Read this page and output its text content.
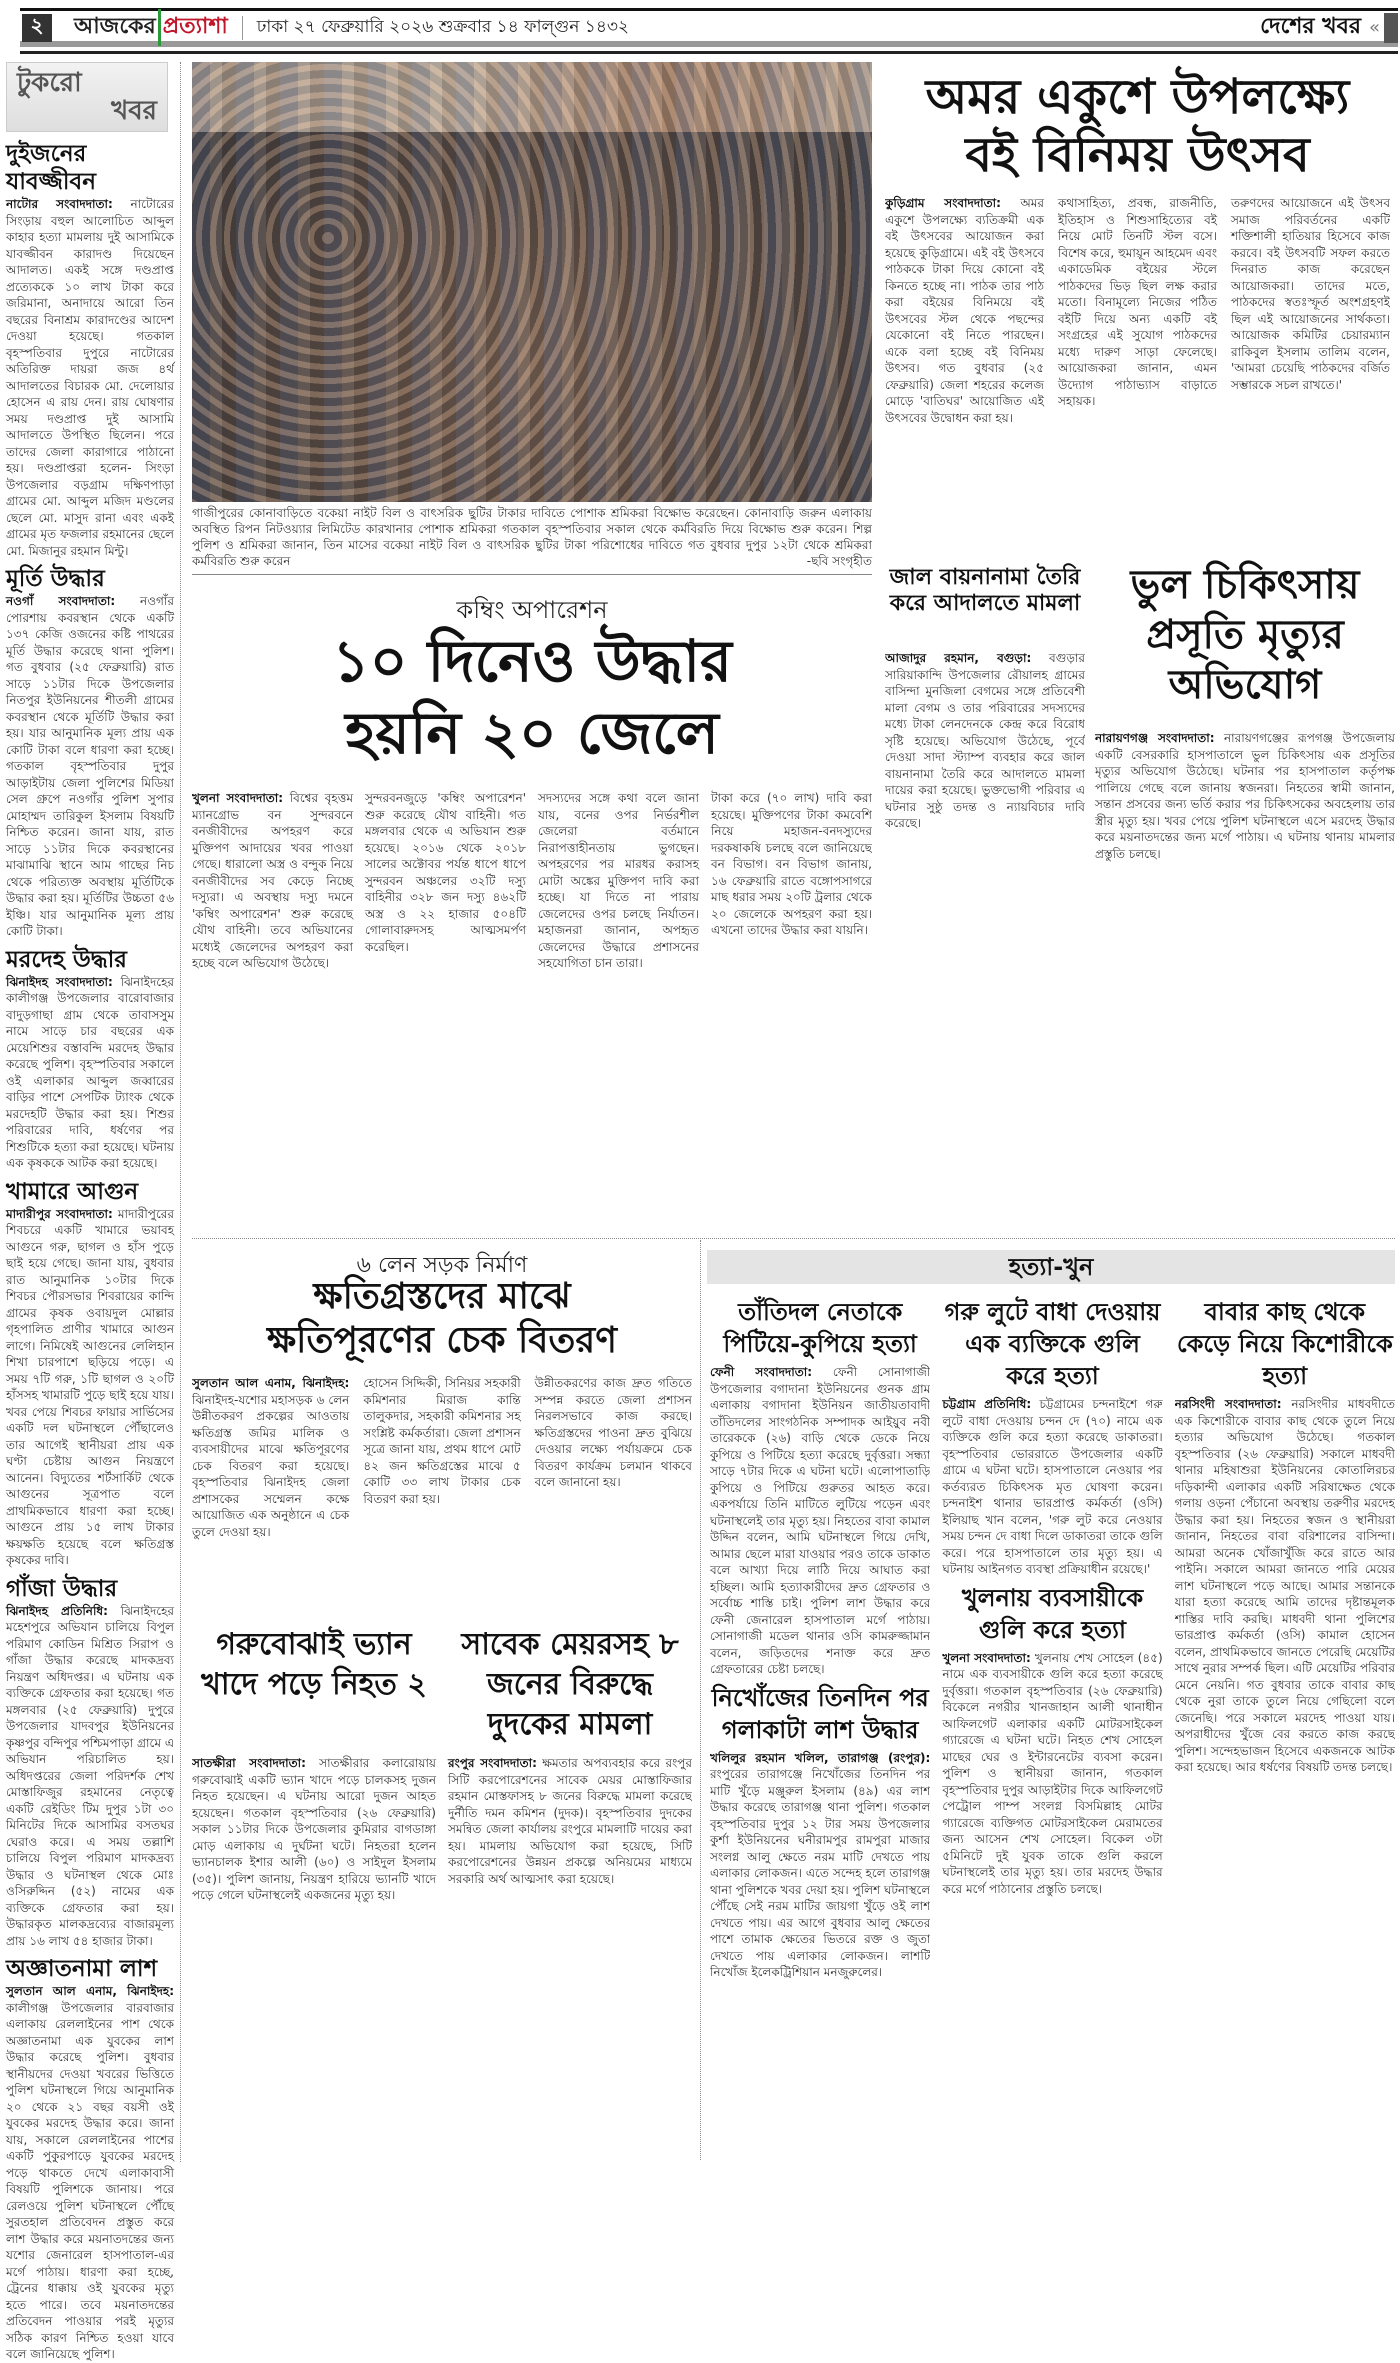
২	আজকের প্রত্যাশা ঢাকা ২৭ ফেব্রুয়ারি ২০২৬ শুক্রবার ১৪ ফাল্গুন ১৪৩২	দেশের খবর «
টুকরো
খবর
দুইজনের যাবজ্জীবন

নাটোর সংবাদদাতা: নাটোরের সিংড়ায় বহুল আলোচিত আব্দুল কাহার হত্যা মামলায় দুই আসামিকে যাবজ্জীবন কারাদণ্ড দিয়েছেন আদালত। একই সঙ্গে দণ্ডপ্রাপ্ত প্রত্যেককে ১০ লাখ টাকা করে জরিমানা, অনাদায়ে আরো তিন বছরের বিনাশ্রম কারাদণ্ডের আদেশ দেওয়া হয়েছে। গতকাল বৃহস্পতিবার দুপুরে নাটোরের অতিরিক্ত দায়রা জজ ৪র্থ আদালতের বিচারক মো. দেলোয়ার হোসেন এ রায় দেন। রায় ঘোষণার সময় দণ্ডপ্রাপ্ত দুই আসামি আদালতে উপস্থিত ছিলেন। পরে তাদের জেলা কারাগারে পাঠানো হয়। দণ্ডপ্রাপ্তরা হলেন- সিংড়া উপজেলার বড়গ্রাম দক্ষিণপাড়া গ্রামের মো. আব্দুল মজিদ মণ্ডলের ছেলে মো. মাসুদ রানা এবং একই গ্রামের মৃত ফজলার রহমানের ছেলে মো. মিজানুর রহমান মিন্টু।

মূর্তি উদ্ধার

নওগাঁ সংবাদদাতা: নওগাঁর পোরশায় কবরস্থান থেকে একটি ১৩৭ কেজি ওজনের কষ্টি পাথরের মূর্তি উদ্ধার করেছে থানা পুলিশ। গত বুধবার (২৫ ফেব্রুয়ারি) রাত সাড়ে ১১টার দিকে উপজেলার নিতপুর ইউনিয়নের শীতলী গ্রামের কবরস্থান থেকে মূর্তিটি উদ্ধার করা হয়। যার আনুমানিক মূল্য প্রায় এক কোটি টাকা বলে ধারণা করা হচ্ছে। গতকাল বৃহস্পতিবার দুপুর আড়াইটায় জেলা পুলিশের মিডিয়া সেল গ্রুপে নওগাঁর পুলিশ সুপার মোহাম্মদ তারিকুল ইসলাম বিষয়টি নিশ্চিত করেন। জানা যায়, রাত সাড়ে ১১টার দিকে কবরস্থানের মাঝামাঝি স্থানে আম গাছের নিচ থেকে পরিত্যক্ত অবস্থায় মূর্তিটিকে উদ্ধার করা হয়। মূর্তিটির উচ্চতা ৫৬ ইঞ্চি। যার আনুমানিক মূল্য প্রায় কোটি টাকা।

মরদেহ উদ্ধার

ঝিনাইদহ সংবাদদাতা: ঝিনাইদহের কালীগঞ্জ উপজেলার বারোবাজার বাদুড়গাছা গ্রাম থেকে তাবাসসুম নামে সাড়ে চার বছরের এক মেয়েশিশুর বস্তাবন্দি মরদেহ উদ্ধার করেছে পুলিশ। বৃহস্পতিবার সকালে ওই এলাকার আব্দুল জব্বারের বাড়ির পাশে সেপটিক ট্যাংক থেকে মরদেহটি উদ্ধার করা হয়। শিশুর পরিবারের দাবি, ধর্ষণের পর শিশুটিকে হত্যা করা হয়েছে। ঘটনায় এক কৃষককে আটক করা হয়েছে।

খামারে আগুন

মাদারীপুর সংবাদদাতা: মাদারীপুরের শিবচরে একটি খামারে ভয়াবহ আগুনে গরু, ছাগল ও হাঁস পুড়ে ছাই হয়ে গেছে। জানা যায়, বুধবার রাত আনুমানিক ১০টার দিকে শিবচর পৌরসভার শিবরায়ের কান্দি গ্রামের কৃষক ওবায়দুল মোল্লার গৃহপালিত প্রাণীর খামারে আগুন লাগে। নিমিষেই আগুনের লেলিহান শিখা চারপাশে ছড়িয়ে পড়ে। এ সময় ৭টি গরু, ১টি ছাগল ও ২০টি হাঁসসহ খামারটি পুড়ে ছাই হয়ে যায়। খবর পেয়ে শিবচর ফায়ার সার্ভিসের একটি দল ঘটনাস্থলে পৌঁছালেও তার আগেই স্থানীয়রা প্রায় এক ঘণ্টা চেষ্টায় আগুন নিয়ন্ত্রণে আনেন। বিদ্যুতের শর্টসার্কিট থেকে আগুনের সূত্রপাত বলে প্রাথমিকভাবে ধারণা করা হচ্ছে। আগুনে প্রায় ১৫ লাখ টাকার ক্ষয়ক্ষতি হয়েছে বলে ক্ষতিগ্রস্ত কৃষকের দাবি।

গাঁজা উদ্ধার

ঝিনাইদহ প্রতিনিধি: ঝিনাইদহের মহেশপুরে অভিযান চালিয়ে বিপুল পরিমাণ কোডিন মিশ্রিত সিরাপ ও গাঁজা উদ্ধার করেছে মাদকদ্রব্য নিয়ন্ত্রণ অধিদপ্তর। এ ঘটনায় এক ব্যক্তিকে গ্রেফতার করা হয়েছে। গত মঙ্গলবার (২৫ ফেব্রুয়ারি) দুপুরে উপজেলার যাদবপুর ইউনিয়নের কৃষ্ণপুর বন্দিপুর পশ্চিমপাড়া গ্রামে এ অভিযান পরিচালিত হয়। অধিদপ্তরের জেলা পরিদর্শক শেখ মোস্তাফিজুর রহমানের নেতৃত্বে একটি রেইডিং টিম দুপুর ১টা ৩০ মিনিটের দিকে আসামির বসতঘর ঘেরাও করে। এ সময় তল্লাশি চালিয়ে বিপুল পরিমাণ মাদকদ্রব্য উদ্ধার ও ঘটনাস্থল থেকে মোঃ ওসিরুদ্দিন (৫২) নামের এক ব্যক্তিকে গ্রেফতার করা হয়। উদ্ধারকৃত মালকদ্রব্যের বাজারমূল্য প্রায় ১৬ লাখ ৫৪ হাজার টাকা।

অজ্ঞাতনামা লাশ

সুলতান আল এনাম, ঝিনাইদহ: কালীগঞ্জ উপজেলার বারবাজার এলাকায় রেললাইনের পাশ থেকে অজ্ঞাতনামা এক যুবকের লাশ উদ্ধার করেছে পুলিশ। বুধবার স্থানীয়দের দেওয়া খবরের ভিত্তিতে পুলিশ ঘটনাস্থলে গিয়ে আনুমানিক ২০ থেকে ২১ বছর বয়সী ওই যুবকের মরদেহ উদ্ধার করে। জানা যায়, সকালে রেললাইনের পাশের একটি পুকুরপাড়ে যুবকের মরদেহ পড়ে থাকতে দেখে এলাকাবাসী বিষয়টি পুলিশকে জানায়। পরে রেলওয়ে পুলিশ ঘটনাস্থলে পৌঁছে সুরতহাল প্রতিবেদন প্রস্তুত করে লাশ উদ্ধার করে ময়নাতদন্তের জন্য যশোর জেনারেল হাসপাতাল-এর মর্গে পাঠায়। ধারণা করা হচ্ছে, ট্রেনের ধাক্কায় ওই যুবকের মৃত্যু হতে পারে। তবে ময়নাতদন্তের প্রতিবেদন পাওয়ার পরই মৃত্যুর সঠিক কারণ নিশ্চিত হওয়া যাবে বলে জানিয়েছে পুলিশ।

গাজীপুরের কোনাবাড়িতে বকেয়া নাইট বিল ও বাৎসরিক ছুটির টাকার দাবিতে পোশাক শ্রমিকরা বিক্ষোভ করেছেন। কোনাবাড়ি জরুন এলাকায় অবস্থিত রিপন নিটওয়্যার লিমিটেড কারখানার পোশাক শ্রমিকরা গতকাল বৃহস্পতিবার সকাল থেকে কর্মবিরতি দিয়ে বিক্ষোভ শুরু করেন। শিল্প পুলিশ ও শ্রমিকরা জানান, তিন মাসের বকেয়া নাইট বিল ও বাৎসরিক ছুটির টাকা পরিশোধের দাবিতে গত বুধবার দুপুর ১২টা থেকে শ্রমিকরা কর্মবিরতি শুরু করেন	-ছবি সংগৃহীত
অমর একুশে উপলক্ষ্যে
বই বিনিময় উৎসব

কুড়িগ্রাম সংবাদদাতা: অমর একুশে উপলক্ষ্যে ব্যতিক্রমী এক বই উৎসবের আয়োজন করা হয়েছে কুড়িগ্রামে। এই বই উৎসবে পাঠককে টাকা দিয়ে কোনো বই কিনতে হচ্ছে না। পাঠক তার পাঠ করা বইয়ের বিনিময়ে বই উৎসবের স্টল থেকে পছন্দের যেকোনো বই নিতে পারছেন। একে বলা হচ্ছে বই বিনিময় উৎসব। গত বুধবার (২৫ ফেব্রুয়ারি) জেলা শহরের কলেজ মোড়ে 'বাতিঘর' আয়োজিত এই উৎসবের উদ্বোধন করা হয়।

কথাসাহিত্য, প্রবন্ধ, রাজনীতি, ইতিহাস ও শিশুসাহিত্যের বই নিয়ে মোট তিনটি স্টল বসে। বিশেষ করে, হুমায়ূন আহমেদ এবং একাডেমিক বইয়ের স্টলে পাঠকদের ভিড় ছিল লক্ষ করার মতো। বিনামূল্যে নিজের পঠিত বইটি দিয়ে অন্য একটি বই সংগ্রহের এই সুযোগ পাঠকদের মধ্যে দারুণ সাড়া ফেলেছে। আয়োজকরা জানান, এমন উদ্যোগ পাঠাভ্যাস বাড়াতে সহায়ক।

তরুণদের আয়োজনে এই উৎসব সমাজ পরিবর্তনের একটি শক্তিশালী হাতিয়ার হিসেবে কাজ করবে। বই উৎসবটি সফল করতে দিনরাত কাজ করেছেন আয়োজকরা। তাদের মতে, পাঠকদের স্বতঃস্ফূর্ত অংশগ্রহণই ছিল এই আয়োজনের সার্থকতা। আয়োজক কমিটির চেয়ারম্যান রাকিবুল ইসলাম তালিম বলেন, 'আমরা চেয়েছি পাঠকদের বর্জিত সম্ভারকে সচল রাখতে।'

কম্বিং অপারেশন
১০ দিনেও উদ্ধার
হয়নি ২০ জেলে

খুলনা সংবাদদাতা: বিশ্বের বৃহত্তম ম্যানগ্রোভ বন সুন্দরবনে বনজীবীদের অপহরণ করে মুক্তিপণ আদায়ের খবর পাওয়া গেছে। ধারালো অস্ত্র ও বন্দুক নিয়ে বনজীবীদের সব কেড়ে নিচ্ছে দস্যুরা। এ অবস্থায় দস্যু দমনে 'কম্বিং অপারেশন' শুরু করেছে যৌথ বাহিনী। তবে অভিযানের মধ্যেই জেলেদের অপহরণ করা হচ্ছে বলে অভিযোগ উঠেছে।

সুন্দরবনজুড়ে 'কম্বিং অপারেশন' শুরু করেছে যৌথ বাহিনী। গত মঙ্গলবার থেকে এ অভিযান শুরু হয়েছে। ২০১৬ থেকে ২০১৮ সালের অক্টোবর পর্যন্ত ধাপে ধাপে সুন্দরবন অঞ্চলের ৩২টি দস্যু বাহিনীর ৩২৮ জন দস্যু ৪৬২টি অস্ত্র ও ২২ হাজার ৫০৪টি গোলাবারুদসহ আত্মসমর্পণ করেছিল।

সদস্যদের সঙ্গে কথা বলে জানা যায়, বনের ওপর নির্ভরশীল জেলেরা বর্তমানে নিরাপত্তাহীনতায় ভুগছেন। অপহরণের পর মারধর করাসহ মোটা অঙ্কের মুক্তিপণ দাবি করা হচ্ছে। যা দিতে না পারায় জেলেদের ওপর চলছে নির্যাতন। মহাজনরা জানান, অপহৃত জেলেদের উদ্ধারে প্রশাসনের সহযোগিতা চান তারা।

টাকা করে (৭০ লাখ) দাবি করা হয়েছে। মুক্তিপণের টাকা কমবেশি নিয়ে মহাজন-বনদস্যুদের দরকষাকষি চলছে বলে জানিয়েছে বন বিভাগ। বন বিভাগ জানায়, ১৬ ফেব্রুয়ারি রাতে বঙ্গোপসাগরে মাছ ধরার সময় ২০টি ট্রলার থেকে ২০ জেলেকে অপহরণ করা হয়। এখনো তাদের উদ্ধার করা যায়নি।

জাল বায়নানামা তৈরি করে আদালতে মামলা

আজাদুর রহমান, বগুড়া: বগুড়ার সারিয়াকান্দি উপজেলার রৌয়ালহ গ্রামের বাসিন্দা মুনজিলা বেগমের সঙ্গে প্রতিবেশী মালা বেগম ও তার পরিবারের সদস্যদের মধ্যে টাকা লেনদেনকে কেন্দ্র করে বিরোধ সৃষ্টি হয়েছে। অভিযোগ উঠেছে, পূর্বে দেওয়া সাদা স্ট্যাম্প ব্যবহার করে জাল বায়নানামা তৈরি করে আদালতে মামলা দায়ের করা হয়েছে। ভুক্তভোগী পরিবার এ ঘটনার সুষ্ঠু তদন্ত ও ন্যায়বিচার দাবি করেছে।

ভুল চিকিৎসায় প্রসূতি মৃত্যুর অভিযোগ

নারায়ণগঞ্জ সংবাদদাতা: নারায়ণগঞ্জের রূপগঞ্জ উপজেলায় একটি বেসরকারি হাসপাতালে ভুল চিকিৎসায় এক প্রসূতির মৃত্যুর অভিযোগ উঠেছে। ঘটনার পর হাসপাতাল কর্তৃপক্ষ পালিয়ে গেছে বলে জানায় স্বজনরা। নিহতের স্বামী জানান, সন্তান প্রসবের জন্য ভর্তি করার পর চিকিৎসকের অবহেলায় তার স্ত্রীর মৃত্যু হয়। খবর পেয়ে পুলিশ ঘটনাস্থলে এসে মরদেহ উদ্ধার করে ময়নাতদন্তের জন্য মর্গে পাঠায়। এ ঘটনায় থানায় মামলার প্রস্তুতি চলছে।

৬ লেন সড়ক নির্মাণ
ক্ষতিগ্রস্তদের মাঝে
ক্ষতিপূরণের চেক বিতরণ

সুলতান আল এনাম, ঝিনাইদহ: ঝিনাইদহ-যশোর মহাসড়ক ৬ লেন উন্নীতকরণ প্রকল্পের আওতায় ক্ষতিগ্রস্ত জমির মালিক ও ব্যবসায়ীদের মাঝে ক্ষতিপূরণের চেক বিতরণ করা হয়েছে। বৃহস্পতিবার ঝিনাইদহ জেলা প্রশাসকের সম্মেলন কক্ষে আয়োজিত এক অনুষ্ঠানে এ চেক তুলে দেওয়া হয়।

হোসেন সিদ্দিকী, সিনিয়র সহকারী কমিশনার মিরাজ কান্তি তালুকদার, সহকারী কমিশনার সহ সংশ্লিষ্ট কর্মকর্তারা। জেলা প্রশাসন সূত্রে জানা যায়, প্রথম ধাপে মোট ৪২ জন ক্ষতিগ্রস্তের মাঝে ৫ কোটি ৩৩ লাখ টাকার চেক বিতরণ করা হয়।

উন্নীতকরণের কাজ দ্রুত গতিতে সম্পন্ন করতে জেলা প্রশাসন নিরলসভাবে কাজ করছে। ক্ষতিগ্রস্তদের পাওনা দ্রুত বুঝিয়ে দেওয়ার লক্ষ্যে পর্যায়ক্রমে চেক বিতরণ কার্যক্রম চলমান থাকবে বলে জানানো হয়।

গরুবোঝাই ভ্যান খাদে পড়ে নিহত ২
সাবেক মেয়রসহ ৮ জনের বিরুদ্ধে দুদকের মামলা

সাতক্ষীরা সংবাদদাতা: সাতক্ষীরার কলারোয়ায় গরুবোঝাই একটি ভ্যান খাদে পড়ে চালকসহ দুজন নিহত হয়েছেন। এ ঘটনায় আরো দুজন আহত হয়েছেন। গতকাল বৃহস্পতিবার (২৬ ফেব্রুয়ারি) সকাল ১১টার দিকে উপজেলার কুমিরার বাগডাঙ্গা মোড় এলাকায় এ দুর্ঘটনা ঘটে। নিহতরা হলেন ভ্যানচালক ইশার আলী (৬০) ও সাইদুল ইসলাম (৩৫)। পুলিশ জানায়, নিয়ন্ত্রণ হারিয়ে ভ্যানটি খাদে পড়ে গেলে ঘটনাস্থলেই একজনের মৃত্যু হয়।

রংপুর সংবাদদাতা: ক্ষমতার অপব্যবহার করে রংপুর সিটি করপোরেশনের সাবেক মেয়র মোস্তাফিজার রহমান মোস্তফাসহ ৮ জনের বিরুদ্ধে মামলা করেছে দুর্নীতি দমন কমিশন (দুদক)। বৃহস্পতিবার দুদকের সমন্বিত জেলা কার্যালয় রংপুরে মামলাটি দায়ের করা হয়। মামলায় অভিযোগ করা হয়েছে, সিটি করপোরেশনের উন্নয়ন প্রকল্পে অনিয়মের মাধ্যমে সরকারি অর্থ আত্মসাৎ করা হয়েছে।

হত্যা-খুন
তাঁতিদল নেতাকে পিটিয়ে-কুপিয়ে হত্যা

ফেনী সংবাদদাতা: ফেনী সোনাগাজী উপজেলার বগাদানা ইউনিয়নের গুনক গ্রাম এলাকায় বগাদানা ইউনিয়ন জাতীয়তাবাদী তাঁতিদলের সাংগঠনিক সম্পাদক আইয়ুব নবী তারেককে (২৬) বাড়ি থেকে ডেকে নিয়ে কুপিয়ে ও পিটিয়ে হত্যা করেছে দুর্বৃত্তরা। সন্ধ্যা সাড়ে ৭টার দিকে এ ঘটনা ঘটে। এলোপাতাড়ি কুপিয়ে ও পিটিয়ে গুরুতর আহত করে। একপর্যায়ে তিনি মাটিতে লুটিয়ে পড়েন এবং ঘটনাস্থলেই তার মৃত্যু হয়। নিহতের বাবা কামাল উদ্দিন বলেন, আমি ঘটনাস্থলে গিয়ে দেখি, আমার ছেলে মারা যাওয়ার পরও তাকে ডাকাত বলে আখ্যা দিয়ে লাঠি দিয়ে আঘাত করা হচ্ছিল। আমি হত্যাকারীদের দ্রুত গ্রেফতার ও সর্বোচ্চ শাস্তি চাই। পুলিশ লাশ উদ্ধার করে ফেনী জেনারেল হাসপাতাল মর্গে পাঠায়। সোনাগাজী মডেল থানার ওসি কামরুজ্জামান বলেন, জড়িতদের শনাক্ত করে দ্রুত গ্রেফতারের চেষ্টা চলছে।

নিখোঁজের তিনদিন পর গলাকাটা লাশ উদ্ধার

খলিলুর রহমান খলিল, তারাগঞ্জ (রংপুর): রংপুরের তারাগঞ্জে নিখোঁজের তিনদিন পর মাটি খুঁড়ে মঞ্জুরুল ইসলাম (৪৯) এর লাশ উদ্ধার করেছে তারাগঞ্জ থানা পুলিশ। গতকাল বৃহস্পতিবার দুপুর ১২ টার সময় উপজেলার কুর্শা ইউনিয়নের ঘনীরামপুর রামপুরা মাজার সংলগ্ন আলু ক্ষেতে নরম মাটি দেখতে পায় এলাকার লোকজন। এতে সন্দেহ হলে তারাগঞ্জ থানা পুলিশকে খবর দেয়া হয়। পুলিশ ঘটনাস্থলে পৌঁছে সেই নরম মাটির জায়গা খুঁড়ে ওই লাশ দেখতে পায়। এর আগে বুধবার আলু ক্ষেতের পাশে তামাক ক্ষেতের ভিতরে রক্ত ও জুতা দেখতে পায় এলাকার লোকজন। লাশটি নিখোঁজ ইলেকট্রিশিয়ান মনজুরুলের।

গরু লুটে বাধা দেওয়ায় এক ব্যক্তিকে গুলি করে হত্যা

চট্টগ্রাম প্রতিনিধি: চট্টগ্রামের চন্দনাইশে গরু লুটে বাধা দেওয়ায় চন্দন দে (৭০) নামে এক ব্যক্তিকে গুলি করে হত্যা করেছে ডাকাতরা। বৃহস্পতিবার ভোররাতে উপজেলার একটি গ্রামে এ ঘটনা ঘটে। হাসপাতালে নেওয়ার পর কর্তব্যরত চিকিৎসক মৃত ঘোষণা করেন। চন্দনাইশ থানার ভারপ্রাপ্ত কর্মকর্তা (ওসি) ইলিয়াছ খান বলেন, 'গরু লুট করে নেওয়ার সময় চন্দন দে বাধা দিলে ডাকাতরা তাকে গুলি করে। পরে হাসপাতালে তার মৃত্যু হয়। এ ঘটনায় আইনগত ব্যবস্থা প্রক্রিয়াধীন রয়েছে।'

খুলনায় ব্যবসায়ীকে গুলি করে হত্যা

খুলনা সংবাদদাতা: খুলনায় শেখ সোহেল (৪৫) নামে এক ব্যবসায়ীকে গুলি করে হত্যা করেছে দুর্বৃত্তরা। গতকাল বৃহস্পতিবার (২৬ ফেব্রুয়ারি) বিকেলে নগরীর খানজাহান আলী থানাধীন আফিলগেট এলাকার একটি মোটরসাইকেল গ্যারেজে এ ঘটনা ঘটে। নিহত শেখ সোহেল মাছের ঘের ও ইন্টারনেটের ব্যবসা করেন। পুলিশ ও স্থানীয়রা জানান, গতকাল বৃহস্পতিবার দুপুর আড়াইটার দিকে আফিলগেট পেট্রোল পাম্প সংলগ্ন বিসমিল্লাহ মোটর গ্যারেজে ব্যক্তিগত মোটরসাইকেল মেরামতের জন্য আসেন শেখ সোহেল। বিকেল ৩টা ৫মিনিটে দুই যুবক তাকে গুলি করলে ঘটনাস্থলেই তার মৃত্যু হয়। তার মরদেহ উদ্ধার করে মর্গে পাঠানোর প্রস্তুতি চলছে।

বাবার কাছ থেকে কেড়ে নিয়ে কিশোরীকে হত্যা

নরসিংদী সংবাদদাতা: নরসিংদীর মাধবদীতে এক কিশোরীকে বাবার কাছ থেকে তুলে নিয়ে হত্যার অভিযোগ উঠেছে। গতকাল বৃহস্পতিবার (২৬ ফেব্রুয়ারি) সকালে মাধবদী থানার মহিষাশুরা ইউনিয়নের কোতালিরচর দড়িকান্দী এলাকার একটি সরিষাক্ষেত থেকে গলায় ওড়না পেঁচানো অবস্থায় তরুণীর মরদেহ উদ্ধার করা হয়। নিহতের স্বজন ও স্থানীয়রা জানান, নিহতের বাবা বরিশালের বাসিন্দা। আমরা অনেক খোঁজাখুঁজি করে রাতে আর পাইনি। সকালে আমরা জানতে পারি মেয়ের লাশ ঘটনাস্থলে পড়ে আছে। আমার সন্তানকে যারা হত্যা করেছে আমি তাদের দৃষ্টান্তমূলক শাস্তির দাবি করছি। মাধবদী থানা পুলিশের ভারপ্রাপ্ত কর্মকর্তা (ওসি) কামাল হোসেন বলেন, প্রাথমিকভাবে জানতে পেরেছি মেয়েটির সাথে নুরার সম্পর্ক ছিল। এটি মেয়েটির পরিবার মেনে নেয়নি। গত বুধবার তাকে বাবার কাছ থেকে নুরা তাকে তুলে নিয়ে গেছিলো বলে জেনেছি। পরে সকালে মরদেহ পাওয়া যায়। অপরাধীদের খুঁজে বের করতে কাজ করছে পুলিশ। সন্দেহভাজন হিসেবে একজনকে আটক করা হয়েছে। আর ধর্ষণের বিষয়টি তদন্ত চলছে।
